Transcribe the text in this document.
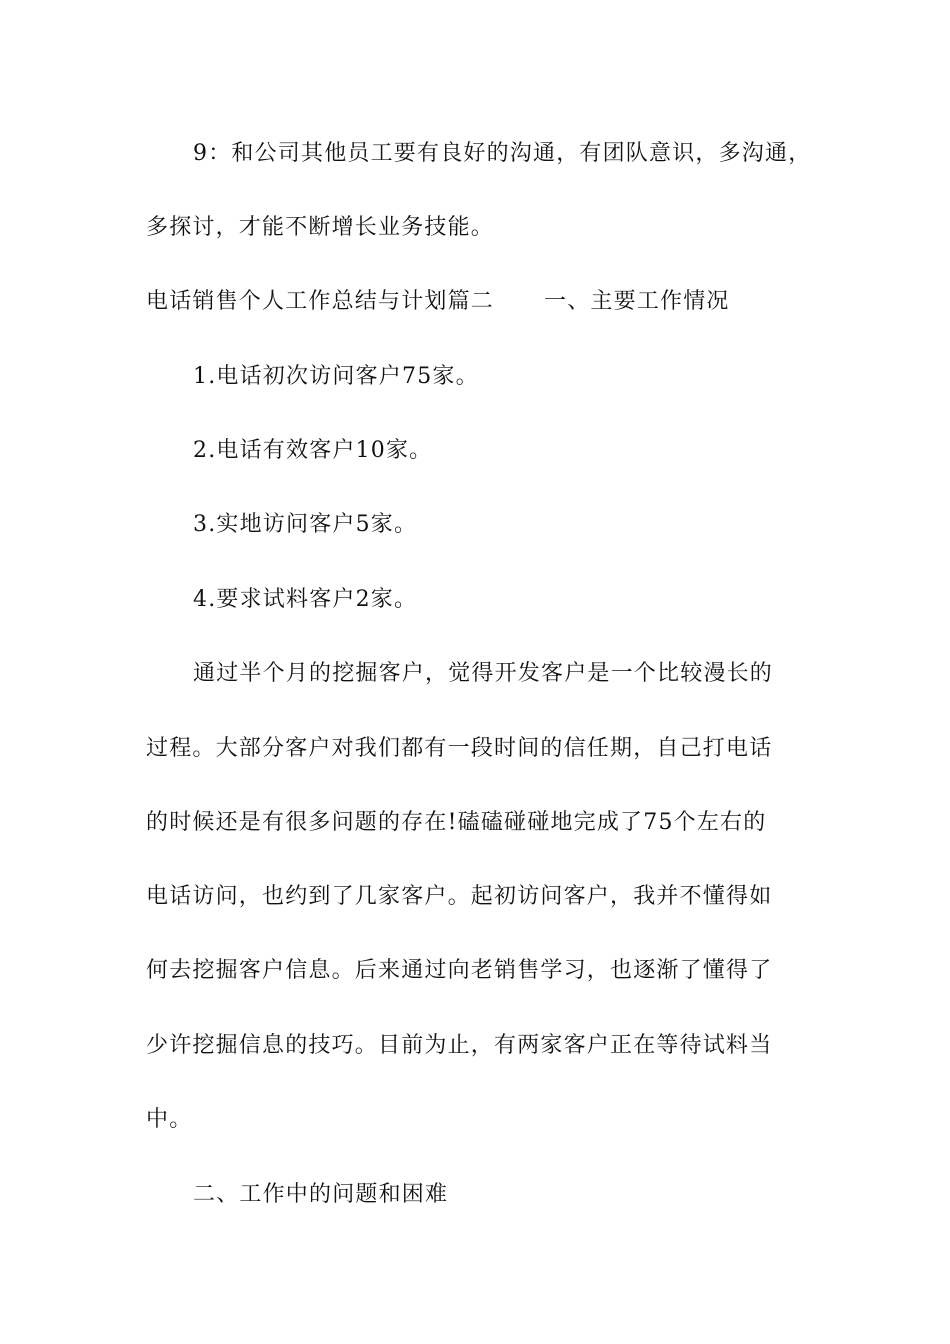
9：和公司其他员工要有良好的沟通，有团队意识，多沟通，
多探讨，才能不断增长业务技能。
电话销售个人工作总结与计划篇二 一、主要工作情况
1.电话初次访问客户75家。
2.电话有效客户10家。
3.实地访问客户5家。
4.要求试料客户2家。
通过半个月的挖掘客户，觉得开发客户是一个比较漫长的
过程。大部分客户对我们都有一段时间的信任期，自己打电话
的时候还是有很多问题的存在!磕磕碰碰地完成了75个左右的
电话访问，也约到了几家客户。起初访问客户，我并不懂得如
何去挖掘客户信息。后来通过向老销售学习，也逐渐了懂得了
少许挖掘信息的技巧。目前为止，有两家客户正在等待试料当
中。
二、工作中的问题和困难
